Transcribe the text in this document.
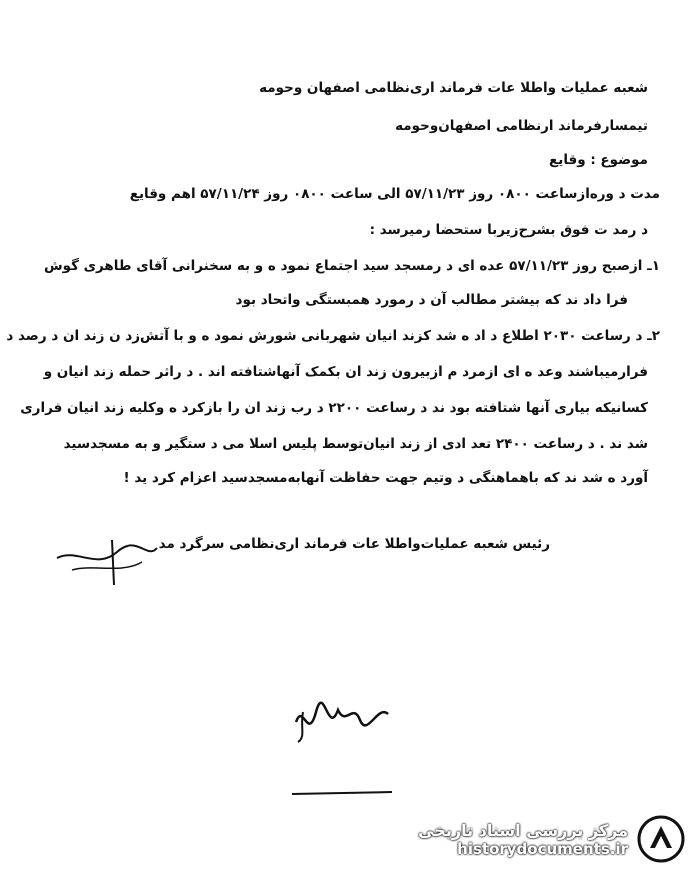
شعبه عملیات واطلا عات فرماند اری‌نظامی اصفهان وحومه
تیمسارفرماند ارنظامی اصفهان‌وحومه
موضوع : وقایع
مدت د وره‌ازساعت ۰۸۰۰ روز ۵۷/۱۱/۲۳ الی ساعت ۰۸۰۰ روز ۵۷/۱۱/۲۴ اهم وقایع
د رمد ت فوق بشرح‌زیربا ستحضا رمیرسد :
۱ـ ازصبح روز ۵۷/۱۱/۲۳ عده ای د رمسجد سید اجتماع نمود ه و به سخنرانی آقای طاهری گوش
فرا داد ند که بیشتر مطالب آن د رمورد همبستگی واتحاد بود
۲ـ د رساعت ۲۰۳۰ اطلاع د اد ه شد کزند انیان شهربانی شورش نمود ه و با آتش‌زد ن زند ان د رصد د
فرارمیباشند وعد ه ای ازمرد م ازبیرون زند ان بکمک آنهاشتافته اند . د راثر حمله زند انیان و
کسانیکه بیاری آنها شتافته بود ند د رساعت ۲۲۰۰ د رب زند ان را بازکرد ه وکلیه زند انیان فراری
شد ند . د رساعت ۲۴۰۰ تعد ادی از زند انیان‌توسط پلیس اسلا می د ستگیر و به مسجدسید
آورد ه شد ند که باهماهنگی د وتیم جهت حفاظت آنهابه‌مسجدسید اعزام کرد ید !
رئیس شعبه عملیات‌واطلا عات فرماند اری‌نظامی سرگرد مد
مرکز بررسی اسناد تاریخی
historydocuments.ir
